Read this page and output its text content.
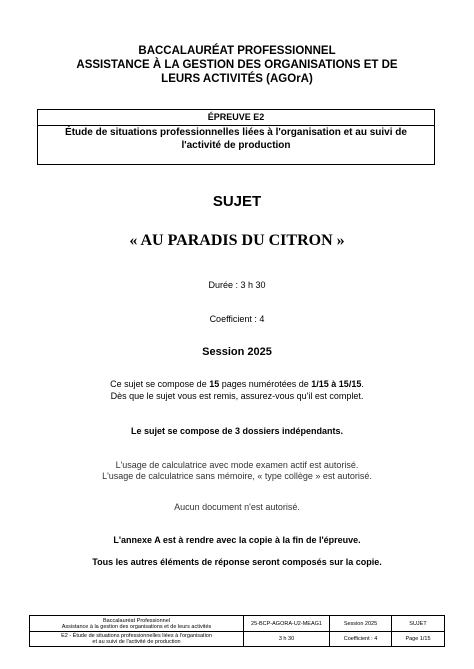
BACCALAURÉAT PROFESSIONNEL
ASSISTANCE À LA GESTION DES ORGANISATIONS ET DE
LEURS ACTIVITÉS (AGOrA)
ÉPREUVE E2
Étude de situations professionnelles liées à l'organisation et au suivi de
l'activité de production
SUJET
« AU PARADIS DU CITRON »
Durée : 3 h 30
Coefficient : 4
Session 2025
Ce sujet se compose de 15 pages numérotées de 1/15 à 15/15.
Dès que le sujet vous est remis, assurez-vous qu'il est complet.
Le sujet se compose de 3 dossiers indépendants.
L'usage de calculatrice avec mode examen actif est autorisé.
L'usage de calculatrice sans mémoire, « type collège » est autorisé.
Aucun document n'est autorisé.
L'annexe A est à rendre avec la copie à la fin de l'épreuve.
Tous les autres éléments de réponse seront composés sur la copie.
Baccalauréat Professionnel
Assistance à la gestion des organisations et de leurs activités	25-BCP-AGORA-U2-MEAG1	Session 2025	SUJET
E2 - Étude de situations professionnelles liées à l'organisation
et au suivi de l'activité de production	3 h 30	Coefficient : 4	Page 1/15
